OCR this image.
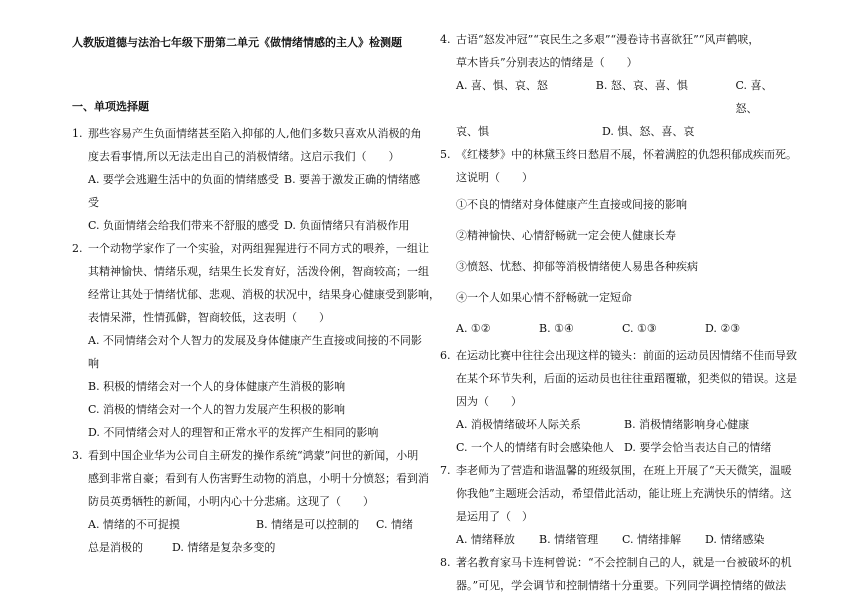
人教版道德与法治七年级下册第二单元《做情绪情感的主人》检测题
一、单项选择题
1. 那些容易产生负面情绪甚至陷入抑郁的人,他们多数只喜欢从消极的角
度去看事情,所以无法走出自己的消极情绪。这启示我们（　　）
A. 要学会逃避生活中的负面的情绪感受 B. 要善于激发正确的情绪感
受
C. 负面情绪会给我们带来不舒服的感受 D. 负面情绪只有消极作用
2. 一个动物学家作了一个实验，对两组猩猩进行不同方式的喂养，一组让
其精神愉快、情绪乐观，结果生长发育好，活泼伶俐，智商较高；一组
经常让其处于情绪忧郁、悲观、消极的状况中，结果身心健康受到影响，
表情呆滞，性情孤僻，智商较低，这表明（　　）
A. 不同情绪会对个人智力的发展及身体健康产生直接或间接的不同影
响
B. 积极的情绪会对一个人的身体健康产生消极的影响
C. 消极的情绪会对一个人的智力发展产生积极的影响
D. 不同情绪会对人的理智和正常水平的发挥产生相同的影响
3. 看到中国企业华为公司自主研发的操作系统“鸿蒙”问世的新闻，小明
感到非常自豪；看到有人伤害野生动物的消息，小明十分愤怒；看到消
防员英勇牺牲的新闻，小明内心十分悲痛。这现了（　　）
A. 情绪的不可捉摸	B. 情绪是可以控制的	C. 情绪
总是消极的	D. 情绪是复杂多变的
4. 古语“怒发冲冠”“哀民生之多艰”“漫卷诗书喜欲狂”“风声鹤唳，
草木皆兵”分别表达的情绪是（　　）
A. 喜、惧、哀、怒	B. 怒、哀、喜、惧	C. 喜、怒、
哀、惧	D. 惧、怒、喜、哀
5. 《红楼梦》中的林黛玉终日愁眉不展，怀着满腔的仇怨积郁成疾而死。
这说明（　　）
①不良的情绪对身体健康产生直接或间接的影响
②精神愉快、心情舒畅就一定会使人健康长寿
③愤怒、忧愁、抑郁等消极情绪使人易患各种疾病
④一个人如果心情不舒畅就一定短命
A. ①②	B. ①④	C. ①③	D. ②③
6. 在运动比赛中往往会出现这样的镜头：前面的运动员因情绪不佳而导致
在某个环节失利，后面的运动员也往往重蹈覆辙，犯类似的错误。这是
因为（　　）
A. 消极情绪破坏人际关系	B. 消极情绪影响身心健康
C. 一个人的情绪有时会感染他人 D. 要学会恰当表达自己的情绪
7. 李老师为了营造和谐温馨的班级氛围，在班上开展了“天天微笑，温暖
你我他”主题班会活动，希望借此活动，能让班上充满快乐的情绪。这
是运用了（　）
A. 情绪释放	B. 情绪管理	C. 情绪排解	D. 情绪感染
8. 著名教育家马卡连柯曾说：“不会控制自己的人，就是一台被破坏的机
器。”可见，学会调节和控制情绪十分重要。下列同学调控情绪的做法
